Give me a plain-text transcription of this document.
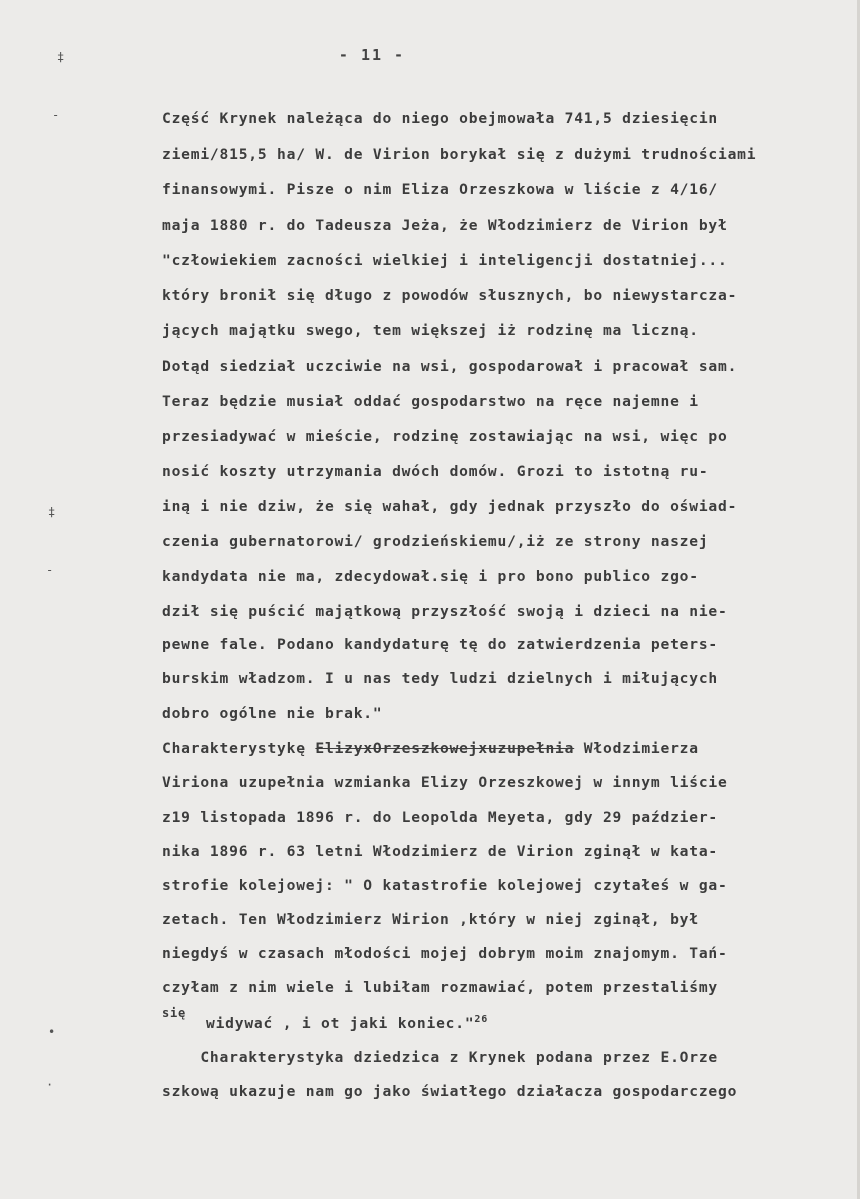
‡
-
‡
-
•
·
- 11 -
Część Krynek należąca do niego obejmowała 741,5 dziesięcin
ziemi/815,5 ha/ W. de Virion borykał się z dużymi trudnościami
finansowymi. Pisze o nim Eliza Orzeszkowa w liście z 4/16/
maja 1880 r. do Tadeusza Jeża, że Włodzimierz de Virion był
"człowiekiem zacności wielkiej i inteligencji dostatniej...
który bronił się długo z powodów słusznych, bo niewystarcza-
jących majątku swego, tem większej iż rodzinę ma liczną.
Dotąd siedział uczciwie na wsi, gospodarował i pracował sam.
Teraz będzie musiał oddać gospodarstwo na ręce najemne i
przesiadywać w mieście, rodzinę zostawiając na wsi, więc po
nosić koszty utrzymania dwóch domów. Grozi to istotną ru-
iną i nie dziw, że się wahał, gdy jednak przyszło do oświad-
czenia gubernatorowi/ grodzieńskiemu/,iż ze strony naszej
kandydata nie ma, zdecydował.się i pro bono publico zgo-
dził się puścić majątkową przyszłość swoją i dzieci na nie-
pewne fale. Podano kandydaturę tę do zatwierdzenia peters-
burskim władzom. I u nas tedy ludzi dzielnych i miłujących
dobro ogólne nie brak."
Charakterystykę ElizyxOrzeszkowejxuzupełnia Włodzimierza
Viriona uzupełnia wzmianka Elizy Orzeszkowej w innym liście
z19 listopada 1896 r. do Leopolda Meyeta, gdy 29 paździer-
nika 1896 r. 63 letni Włodzimierz de Virion zginął w kata-
strofie kolejowej: " O katastrofie kolejowej czytałeś w ga-
zetach. Ten Włodzimierz Wirion ,który w niej zginął, był
niegdyś w czasach młodości mojej dobrym moim znajomym. Tań-
czyłam z nim wiele i lubiłam rozmawiać, potem przestaliśmy
się
widywać , i ot jaki koniec."$^{26}$
Charakterystyka dziedzica z Krynek podana przez E.Orze
szkową ukazuje nam go jako światłego działacza gospodarczego
